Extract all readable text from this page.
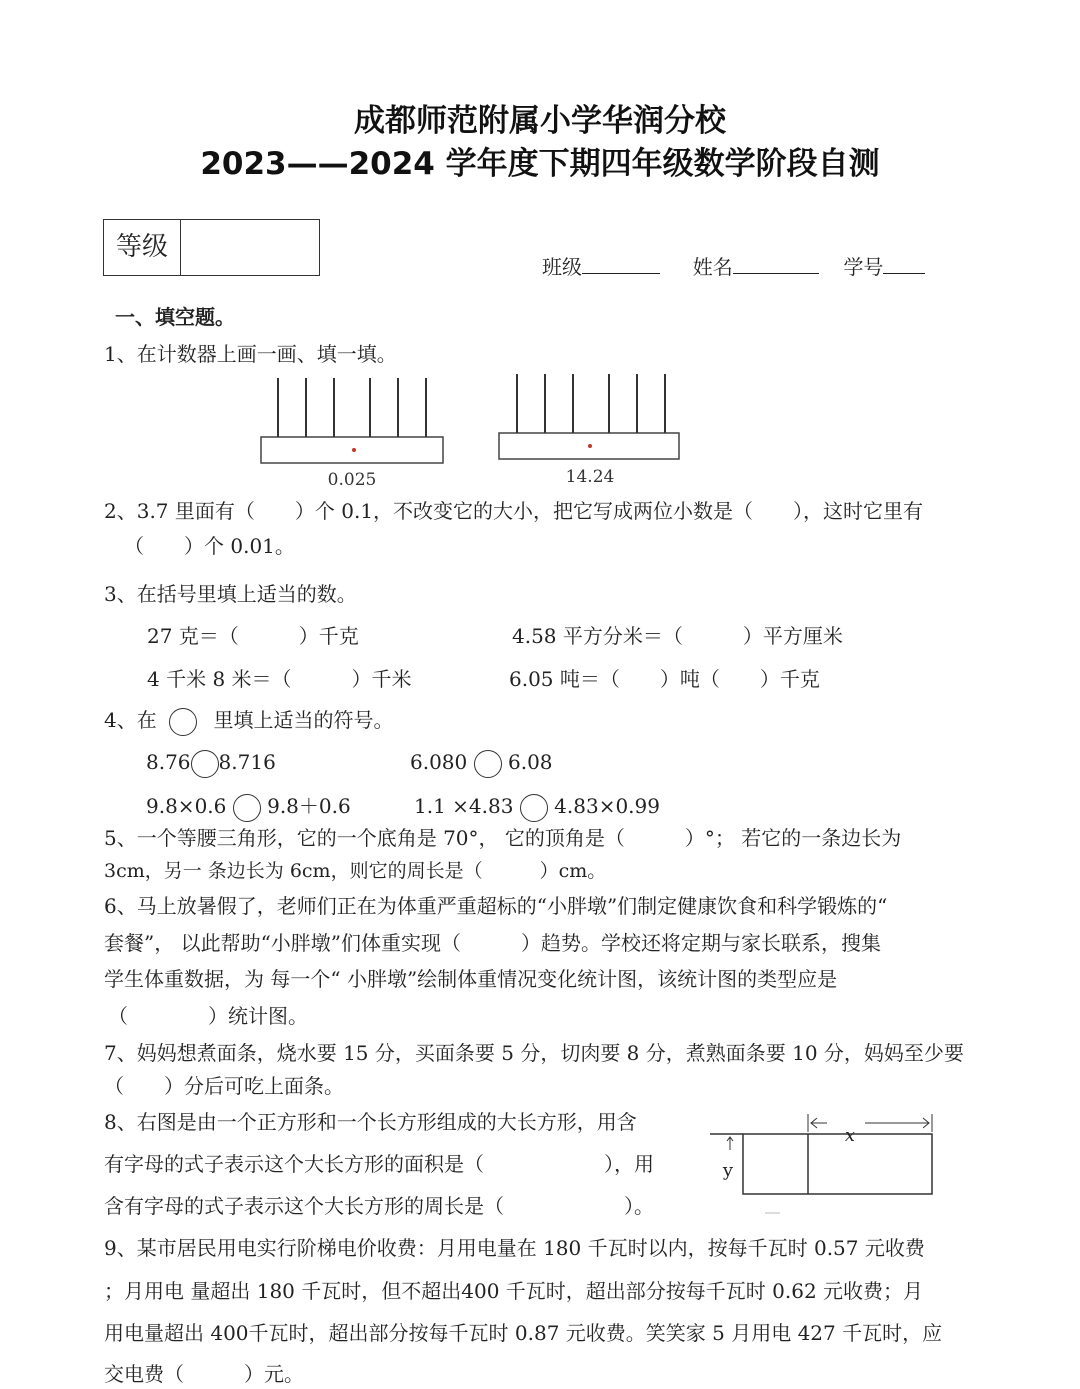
成都师范附属小学华润分校
2023——2024 学年度下期四年级数学阶段自测
等级
班级	姓名	学号
一、填空题。
1、在计数器上画一画、填一填。
0.025	14.24
2、3.7 里面有（　　）个 0.1，不改变它的大小，把它写成两位小数是（　　），这时它里有
（　　）个 0.01。
3、在括号里填上适当的数。
27 克＝（　　　）千克	4.58 平方分米＝（　　　）平方厘米
4 千米 8 米＝（　　　）千米	6.05 吨＝（　　）吨（　　）千克
4、在	里填上适当的符号。
8.76 8.716	6.080 6.08
9.8×0.6 9.8＋0.6	1.1 ×4.83 4.83×0.99
5、一个等腰三角形，它的一个底角是 70°， 它的顶角是（　　　）°； 若它的一条边长为
3cm，另一 条边长为 6cm，则它的周长是（　　　）cm。
6、马上放暑假了，老师们正在为体重严重超标的“小胖墩”们制定健康饮食和科学锻炼的“
套餐”， 以此帮助“小胖墩”们体重实现（　　　）趋势。学校还将定期与家长联系，搜集
学生体重数据，为 每一个“ 小胖墩”绘制体重情况变化统计图，该统计图的类型应是
（　　　　）统计图。
7、妈妈想煮面条，烧水要 15 分，买面条要 5 分，切肉要 8 分，煮熟面条要 10 分，妈妈至少要
（　　）分后可吃上面条。
8、右图是由一个正方形和一个长方形组成的大长方形，用含
有字母的式子表示这个大长方形的面积是（　　　　　　），用
含有字母的式子表示这个大长方形的周长是（　　　　　　）。
x
y
9、某市居民用电实行阶梯电价收费：月用电量在 180 千瓦时以内，按每千瓦时 0.57 元收费
；月用电 量超出 180 千瓦时，但不超出400 千瓦时，超出部分按每千瓦时 0.62 元收费；月
用电量超出 400千瓦时，超出部分按每千瓦时 0.87 元收费。笑笑家 5 月用电 427 千瓦时，应
交电费（　　　）元。
